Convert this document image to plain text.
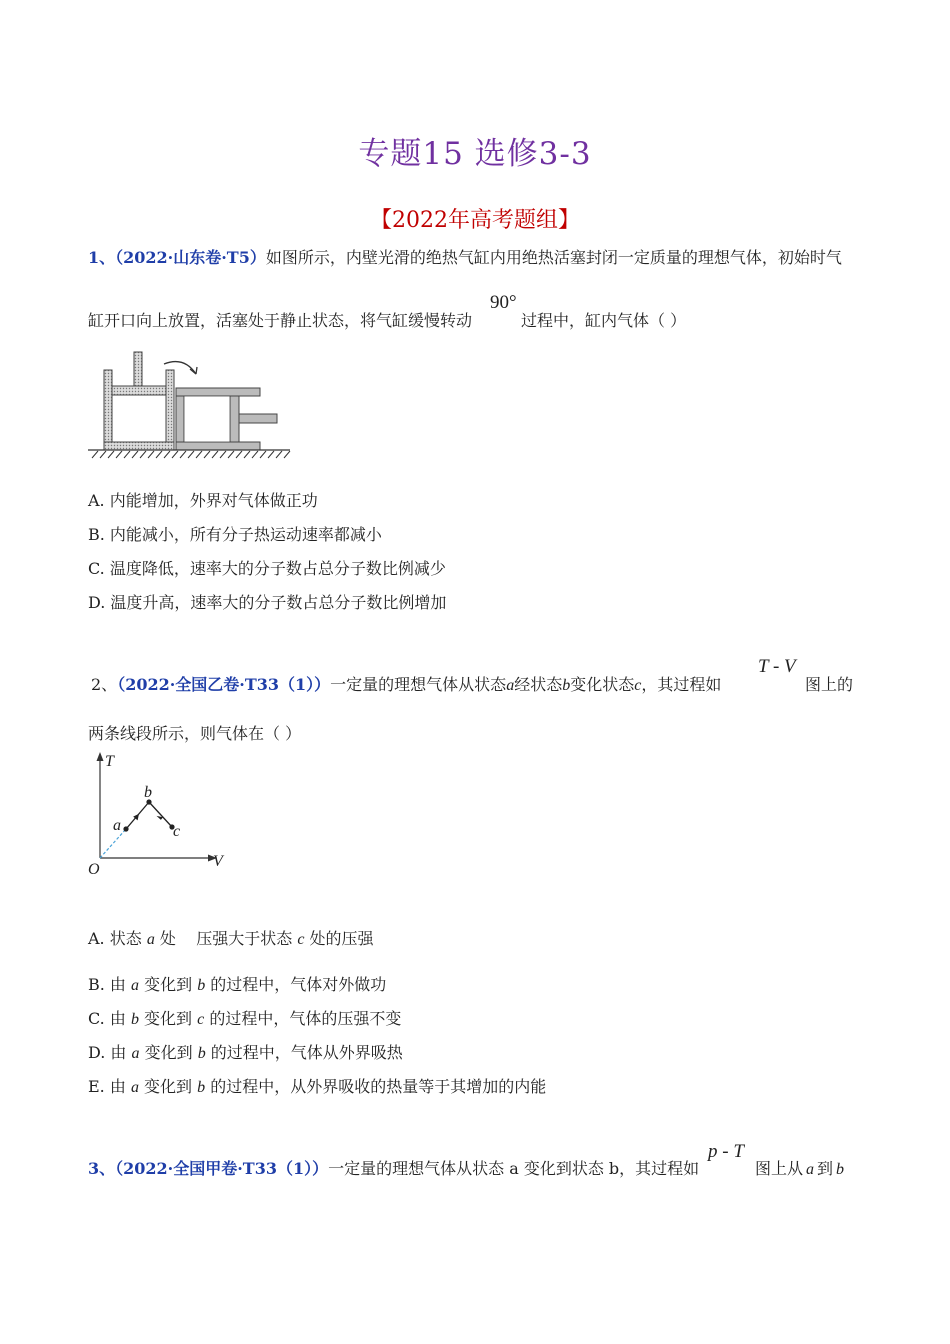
专题15 选修3-3
【2022年高考题组】
1、（2022·山东卷·T5）如图所示，内壁光滑的绝热气缸内用绝热活塞封闭一定质量的理想气体，初始时气
缸开口向上放置，活塞处于静止状态，将气缸缓慢转动
90°
过程中，缸内气体（ ）
A. 内能增加，外界对气体做正功
B. 内能减小，所有分子热运动速率都减小
C. 温度降低，速率大的分子数占总分子数比例减少
D. 温度升高，速率大的分子数占总分子数比例增加
2、（2022·全国乙卷·T33（1））一定量的理想气体从状态a经状态b变化状态c，其过程如
T - V
图上的
两条线段所示，则气体在（ ）
T
V
O
a
b
c
A. 状态 a 处    压强大于状态 c 处的压强
B. 由 a 变化到 b 的过程中，气体对外做功
C. 由 b 变化到 c 的过程中，气体的压强不变
D. 由 a 变化到 b 的过程中，气体从外界吸热
E. 由 a 变化到 b 的过程中，从外界吸收的热量等于其增加的内能
3、（2022·全国甲卷·T33（1））一定量的理想气体从状态 a 变化到状态 b，其过程如
p - T
图上从 a 到 b
